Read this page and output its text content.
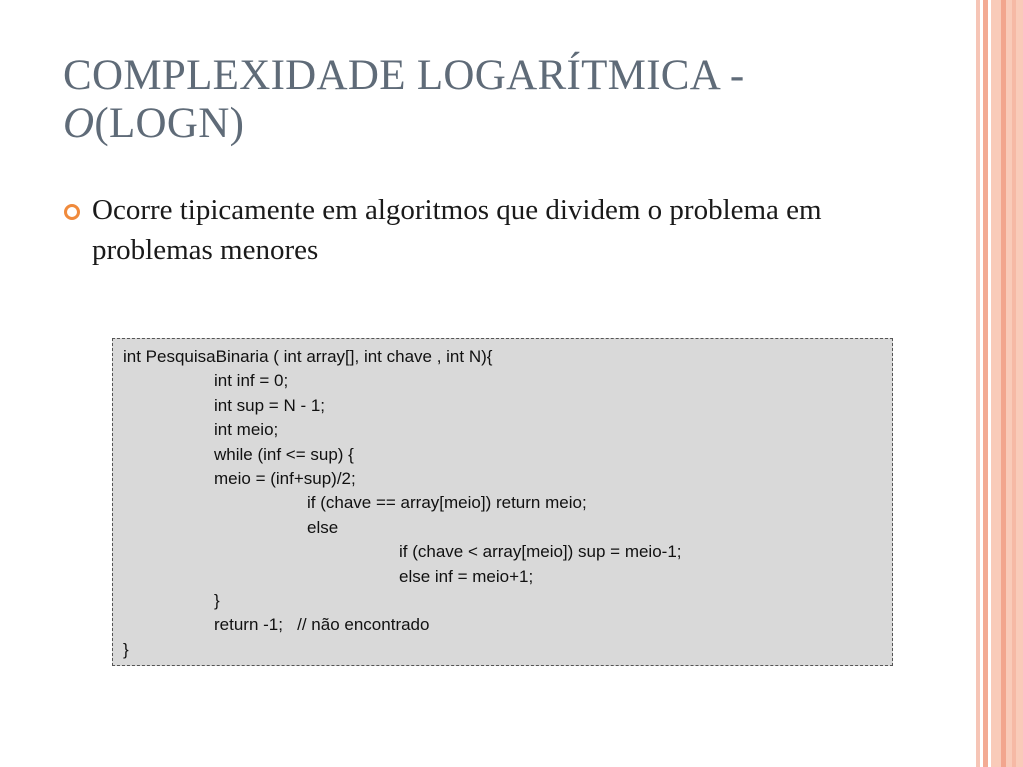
COMPLEXIDADE LOGARÍTMICA -
O(LOGN)

Ocorre tipicamente em algoritmos que dividem o problema em problemas menores

int PesquisaBinaria ( int array[], int chave , int N){
int inf = 0;
int sup = N - 1;
int meio;
while (inf <= sup) {
meio = (inf+sup)/2;
if (chave == array[meio]) return meio;
else
if (chave < array[meio]) sup = meio-1;
else inf = meio+1;
}
return -1;   // não encontrado
}
